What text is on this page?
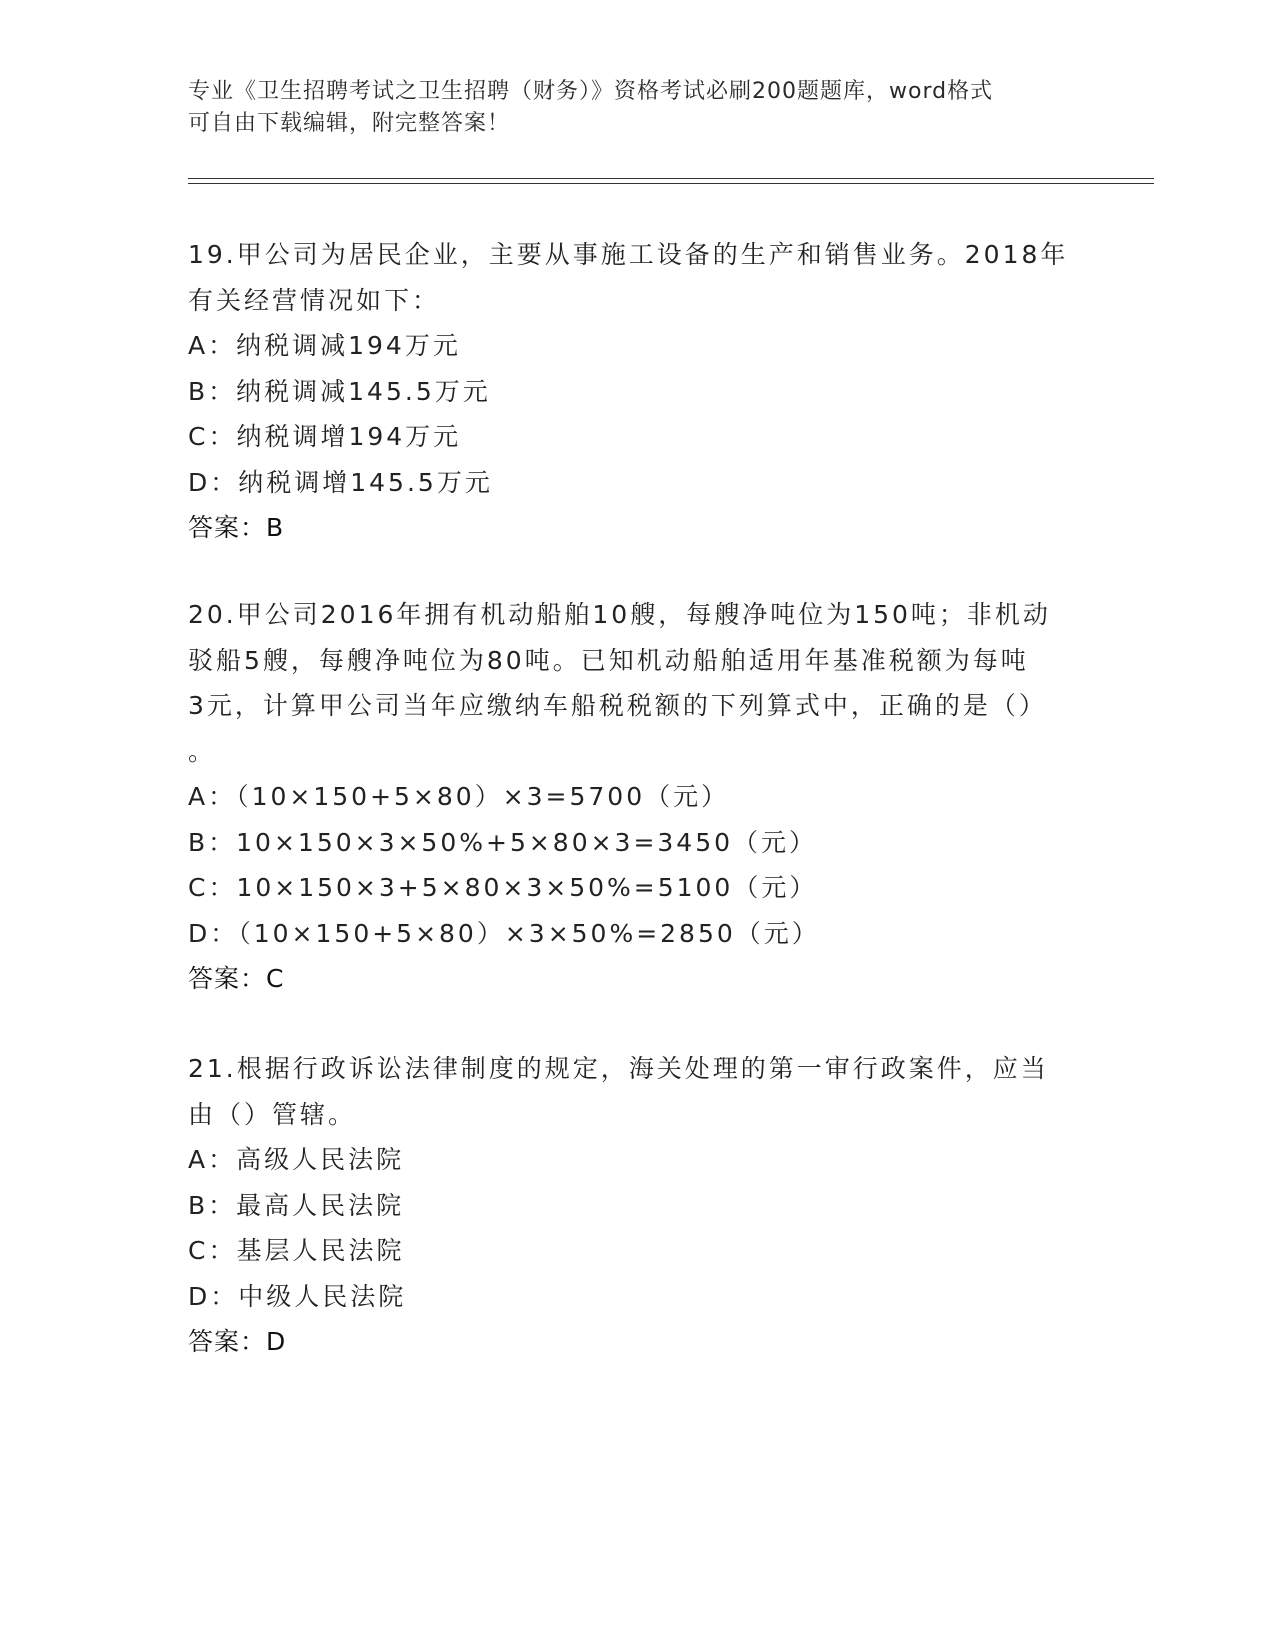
专业《卫生招聘考试之卫生招聘（财务）》资格考试必刷200题题库，word格式

可自由下载编辑，附完整答案！

19.甲公司为居民企业，主要从事施工设备的生产和销售业务。2018年
有关经营情况如下：
A：纳税调减194万元
B：纳税调减145.5万元
C：纳税调增194万元
D：纳税调增145.5万元
答案：B
20.甲公司2016年拥有机动船舶10艘，每艘净吨位为150吨；非机动
驳船5艘，每艘净吨位为80吨。已知机动船舶适用年基准税额为每吨
3元，计算甲公司当年应缴纳车船税税额的下列算式中，正确的是（）
。
A：（10×150+5×80）×3=5700（元）
B：10×150×3×50%+5×80×3=3450（元）
C：10×150×3+5×80×3×50%=5100（元）
D：（10×150+5×80）×3×50%=2850（元）
答案：C
21.根据行政诉讼法律制度的规定，海关处理的第一审行政案件，应当
由（）管辖。
A：高级人民法院
B：最高人民法院
C：基层人民法院
D：中级人民法院
答案：D
